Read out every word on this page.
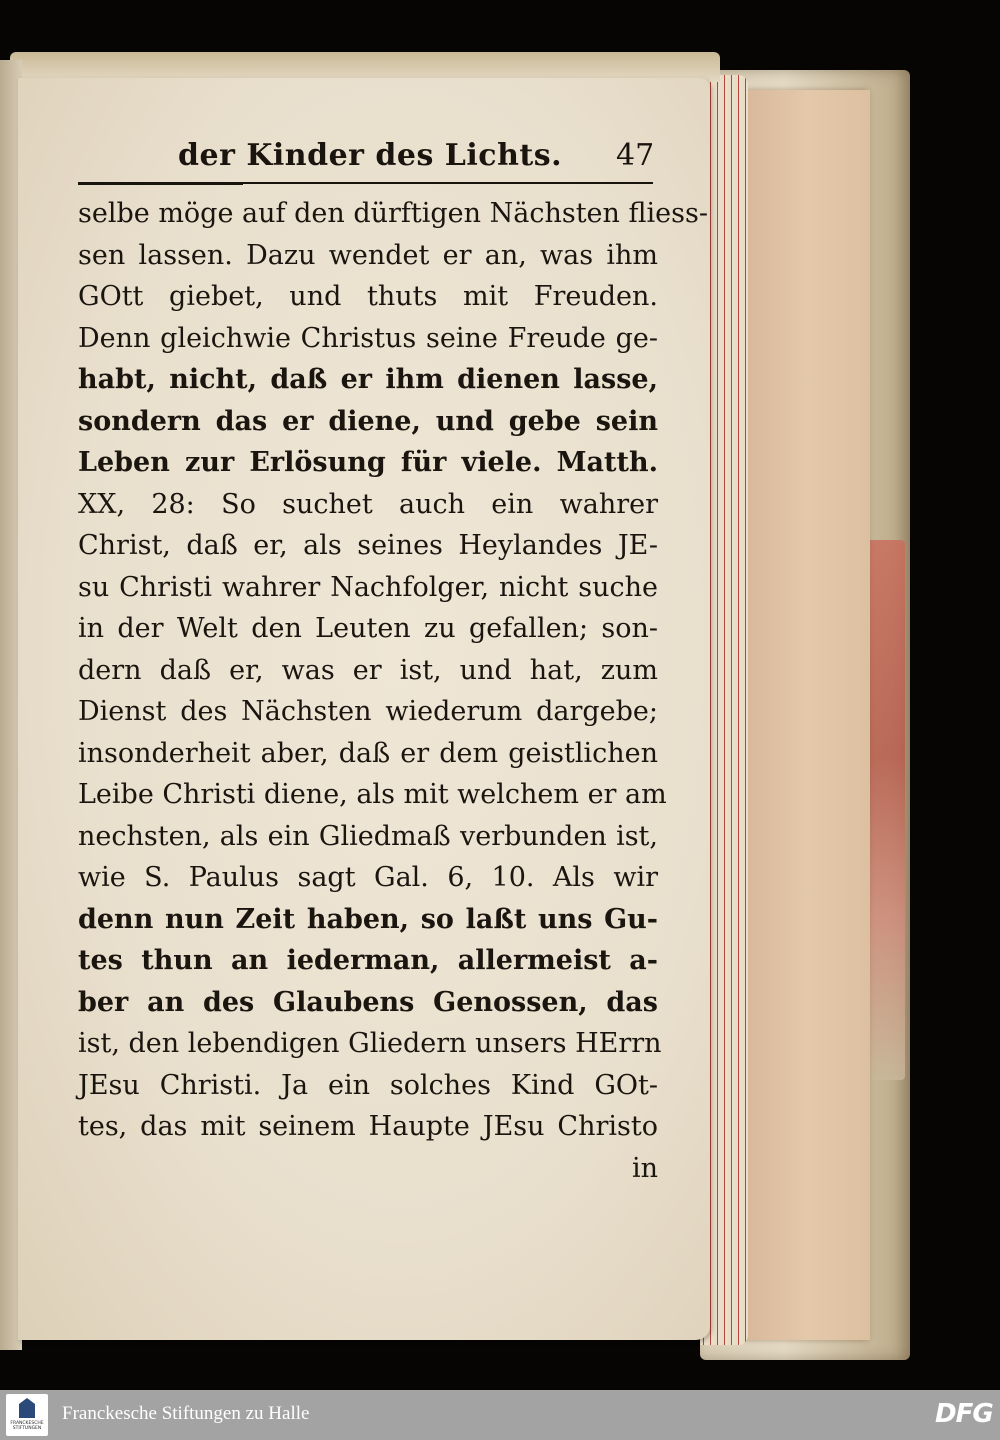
der Kinder des Lichts. 47
selbe möge auf den dürftigen Nächsten fliess-
sen lassen. Dazu wendet er an, was ihm
GOtt giebet, und thuts mit Freuden.
Denn gleichwie Christus seine Freude ge-
habt, nicht, daß er ihm dienen lasse,
sondern das er diene, und gebe sein
Leben zur Erlösung für viele. Matth.
XX, 28: So suchet auch ein wahrer
Christ, daß er, als seines Heylandes JE-
su Christi wahrer Nachfolger, nicht suche
in der Welt den Leuten zu gefallen; son-
dern daß er, was er ist, und hat, zum
Dienst des Nächsten wiederum dargebe;
insonderheit aber, daß er dem geistlichen
Leibe Christi diene, als mit welchem er am
nechsten, als ein Gliedmaß verbunden ist,
wie S. Paulus sagt Gal. 6, 10. Als wir
denn nun Zeit haben, so laßt uns Gu-
tes thun an iederman, allermeist a-
ber an des Glaubens Genossen, das
ist, den lebendigen Gliedern unsers HErrn
JEsu Christi. Ja ein solches Kind GOt-
tes, das mit seinem Haupte JEsu Christo
in
FRANCKESCHE STIFTUNGEN
Franckesche Stiftungen zu Halle	DFG
